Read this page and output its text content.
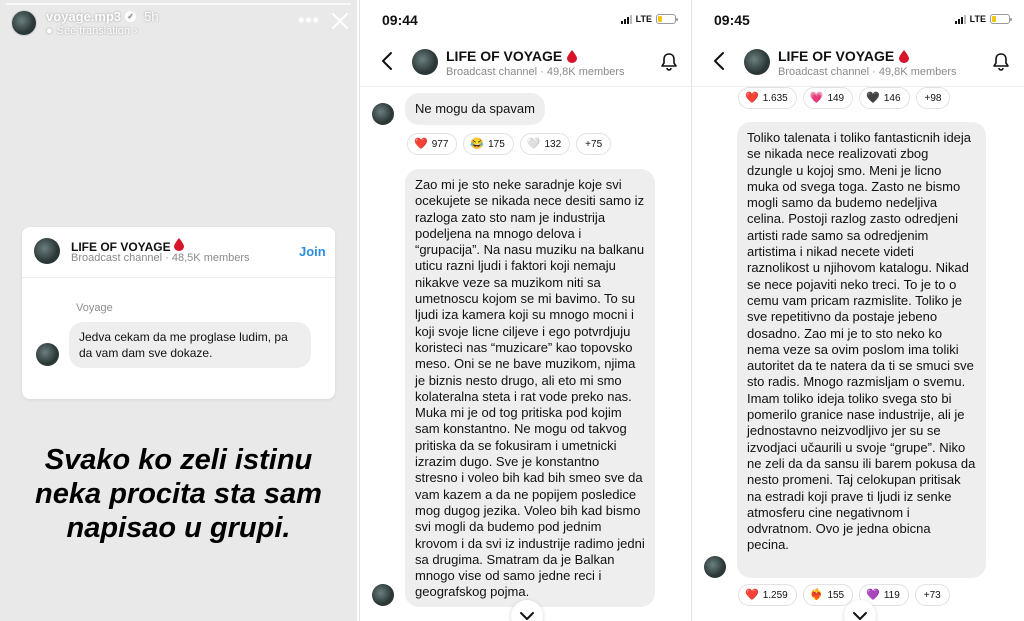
voyage.mp3 ✓ 5h
● See translation ›
•••
LIFE OF VOYAGE
Broadcast channel · 48,5K members	Join
Voyage
Jedva cekam da me proglase ludim, pa da vam dam sve dokaze.
Svako ko zeli istinu neka procita sta sam napisao u grupi.
09:44	LTE
LIFE OF VOYAGE
Broadcast channel · 49,8K members
Ne mogu da spavam
❤️ 977 😂 175 🤍 132 +75
Zao mi je sto neke saradnje koje svi ocekujete se nikada nece desiti samo iz razloga zato sto nam je industrija podeljena na mnogo delova i “grupacija”. Na nasu muziku na balkanu uticu razni ljudi i faktori koji nemaju nikakve veze sa muzikom niti sa umetnoscu kojom se mi bavimo. To su ljudi iza kamera koji su mnogo mocni i koji svoje licne ciljeve i ego potvrdjuju koristeci nas “muzicare” kao topovsko meso. Oni se ne bave muzikom, njima je biznis nesto drugo, ali eto mi smo kolateralna steta i rat vode preko nas. Muka mi je od tog pritiska pod kojim sam konstantno. Ne mogu od takvog pritiska da se fokusiram i umetnicki izrazim dugo. Sve je konstantno stresno i voleo bih kad bih smeo sve da vam kazem a da ne popijem posledice mog dugog jezika. Voleo bih kad bismo svi mogli da budemo pod jednim krovom i da svi iz industrije radimo jedni sa drugima. Smatram da je Balkan mnogo vise od samo jedne reci i geografskog pojma.
09:45	LTE
LIFE OF VOYAGE
Broadcast channel · 49,8K members
❤️ 1.635 💗 149 🖤 146 +98
Toliko talenata i toliko fantasticnih ideja se nikada nece realizovati zbog dzungle u kojoj smo. Meni je licno muka od svega toga. Zasto ne bismo mogli samo da budemo nedeljiva celina. Postoji razlog zasto odredjeni artisti rade samo sa odredjenim artistima i nikad necete videti raznolikost u njihovom katalogu. Nikad se nece pojaviti neko treci. To je to o cemu vam pricam razmislite. Toliko je sve repetitivno da postaje jebeno dosadno. Zao mi je to sto neko ko nema veze sa ovim poslom ima toliki autoritet da te natera da ti se smuci sve sto radis. Mnogo razmisljam o svemu. Imam toliko ideja toliko svega sto bi pomerilo granice nase industrije, ali je jednostavno neizvodljivo jer su se izvodjaci učaurili u svoje “grupe”. Niko ne zeli da da sansu ili barem pokusa da nesto promeni. Taj celokupan pritisak na estradi koji prave ti ljudi iz senke atmosferu cine negativnom i odvratnom. Ovo je jedna obicna pecina.
❤️ 1.259 ❤️‍🔥 155 💜 119 +73
